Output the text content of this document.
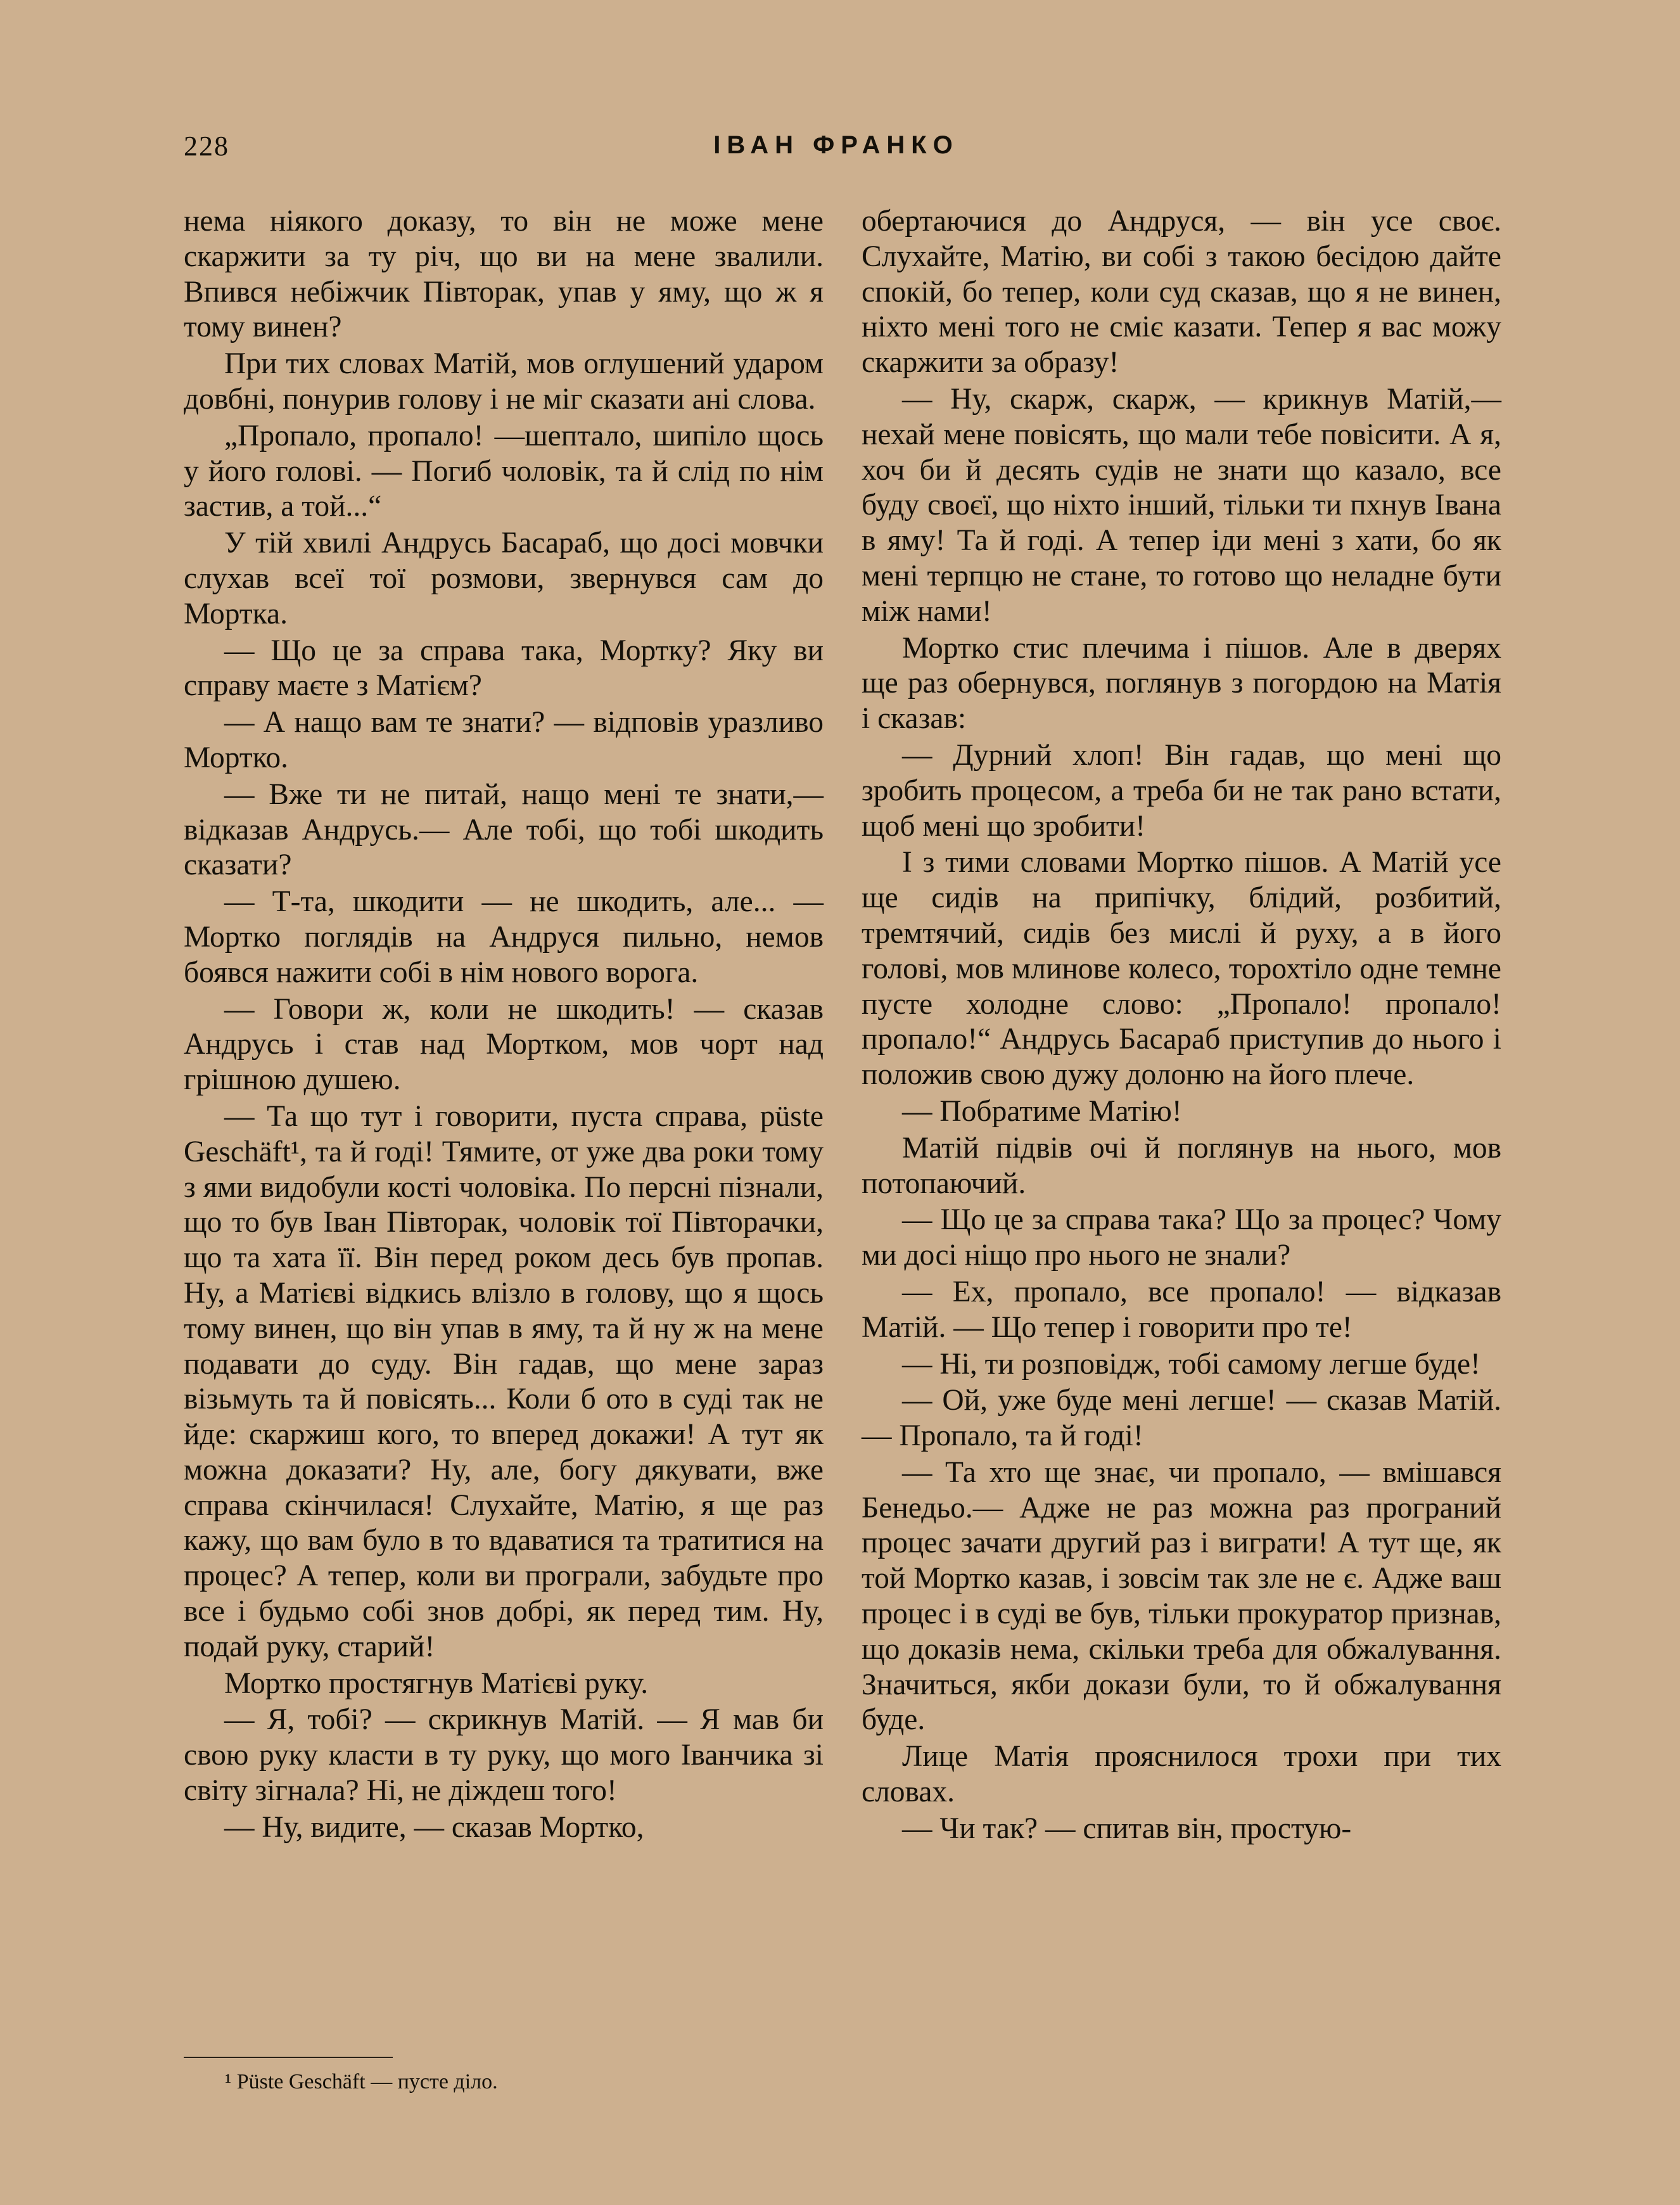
228	ІВАН ФРАНКО

нема ніякого доказу, то він не може мене скаржити за ту річ, що ви на мене звалили. Впився небіжчик Півторак, упав у яму, що ж я тому винен?

При тих словах Матій, мов оглушений ударом довбні, понурив голову і не міг сказати ані слова.

„Пропало, пропало! —шептало, шипіло щось у його голові. — Погиб чоловік, та й слід по нім застив, а той...“

У тій хвилі Андрусь Басараб, що досі мовчки слухав всеї тої розмови, звернувся сам до Мортка.

— Що це за справа така, Мортку? Яку ви справу маєте з Матієм?

— А нащо вам те знати? — відповів уразливо Мортко.

— Вже ти не питай, нащо мені те знати,— відказав Андрусь.— Але тобі, що тобі шкодить сказати?

— Т-та, шкодити — не шкодить, але... — Мортко поглядів на Андруся пильно, немов боявся нажити собі в нім нового ворога.

— Говори ж, коли не шкодить! — сказав Андрусь і став над Мортком, мов чорт над грішною душею.

— Та що тут і говорити, пуста справа, püste Geschäft¹, та й годі! Тямите, от уже два роки тому з ями видобули кості чоловіка. По персні пізнали, що то був Іван Півторак, чоловік тої Півторачки, що та хата її. Він перед роком десь був пропав. Ну, а Матієві відкись влізло в голову, що я щось тому винен, що він упав в яму, та й ну ж на мене подавати до суду. Він гадав, що мене зараз візьмуть та й повісять... Коли б ото в суді так не йде: скаржиш кого, то вперед докажи! А тут як можна доказати? Ну, але, богу дякувати, вже справа скінчилася! Слухайте, Матію, я ще раз кажу, що вам було в то вдаватися та тратитися на процес? А тепер, коли ви програли, забудьте про все і будьмо собі знов добрі, як перед тим. Ну, подай руку, старий!

Мортко простягнув Матієві руку.

— Я, тобі? — скрикнув Матій. — Я мав би свою руку класти в ту руку, що мого Іванчика зі світу зігнала? Ні, не діждеш того!

— Ну, видите, — сказав Мортко,

обертаючися до Андруся, — він усе своє. Слухайте, Матію, ви собі з такою бесідою дайте спокій, бо тепер, коли суд сказав, що я не винен, ніхто мені того не сміє казати. Тепер я вас можу скаржити за образу!

— Ну, скарж, скарж, — крикнув Матій,—нехай мене повісять, що мали тебе повісити. А я, хоч би й десять судів не знати що казало, все буду своєї, що ніхто інший, тільки ти пхнув Івана в яму! Та й годі. А тепер іди мені з хати, бо як мені терпцю не стане, то готово що неладне бути між нами!

Мортко стис плечима і пішов. Але в дверях ще раз обернувся, поглянув з погордою на Матія і сказав:

— Дурний хлоп! Він гадав, що мені що зробить процесом, а треба би не так рано встати, щоб мені що зробити!

І з тими словами Мортко пішов. А Матій усе ще сидів на припічку, блідий, розбитий, тремтячий, сидів без мислі й руху, а в його голові, мов млинове колесо, торохтіло одне темне пусте холодне слово: „Пропало! пропало! пропало!“ Андрусь Басараб приступив до нього і положив свою дужу долоню на його плече.

— Побратиме Матію!

Матій підвів очі й поглянув на нього, мов потопаючий.

— Що це за справа така? Що за процес? Чому ми досі ніщо про нього не знали?

— Ех, пропало, все пропало! — відказав Матій. — Що тепер і говорити про те!

— Ні, ти розповідж, тобі самому легше буде!

— Ой, уже буде мені легше! — сказав Матій. — Пропало, та й годі!

— Та хто ще знає, чи пропало, — вмішався Бенедьо.— Адже не раз можна раз програний процес зачати другий раз і виграти! А тут ще, як той Мортко казав, і зовсім так зле не є. Адже ваш процес і в суді ве був, тільки прокуратор признав, що доказів нема, скільки треба для обжалування. Значиться, якби докази були, то й обжалування буде.

Лице Матія прояснилося трохи при тих словах.

— Чи так? — спитав він, простую-

¹ Püste Geschäft — пусте діло.
